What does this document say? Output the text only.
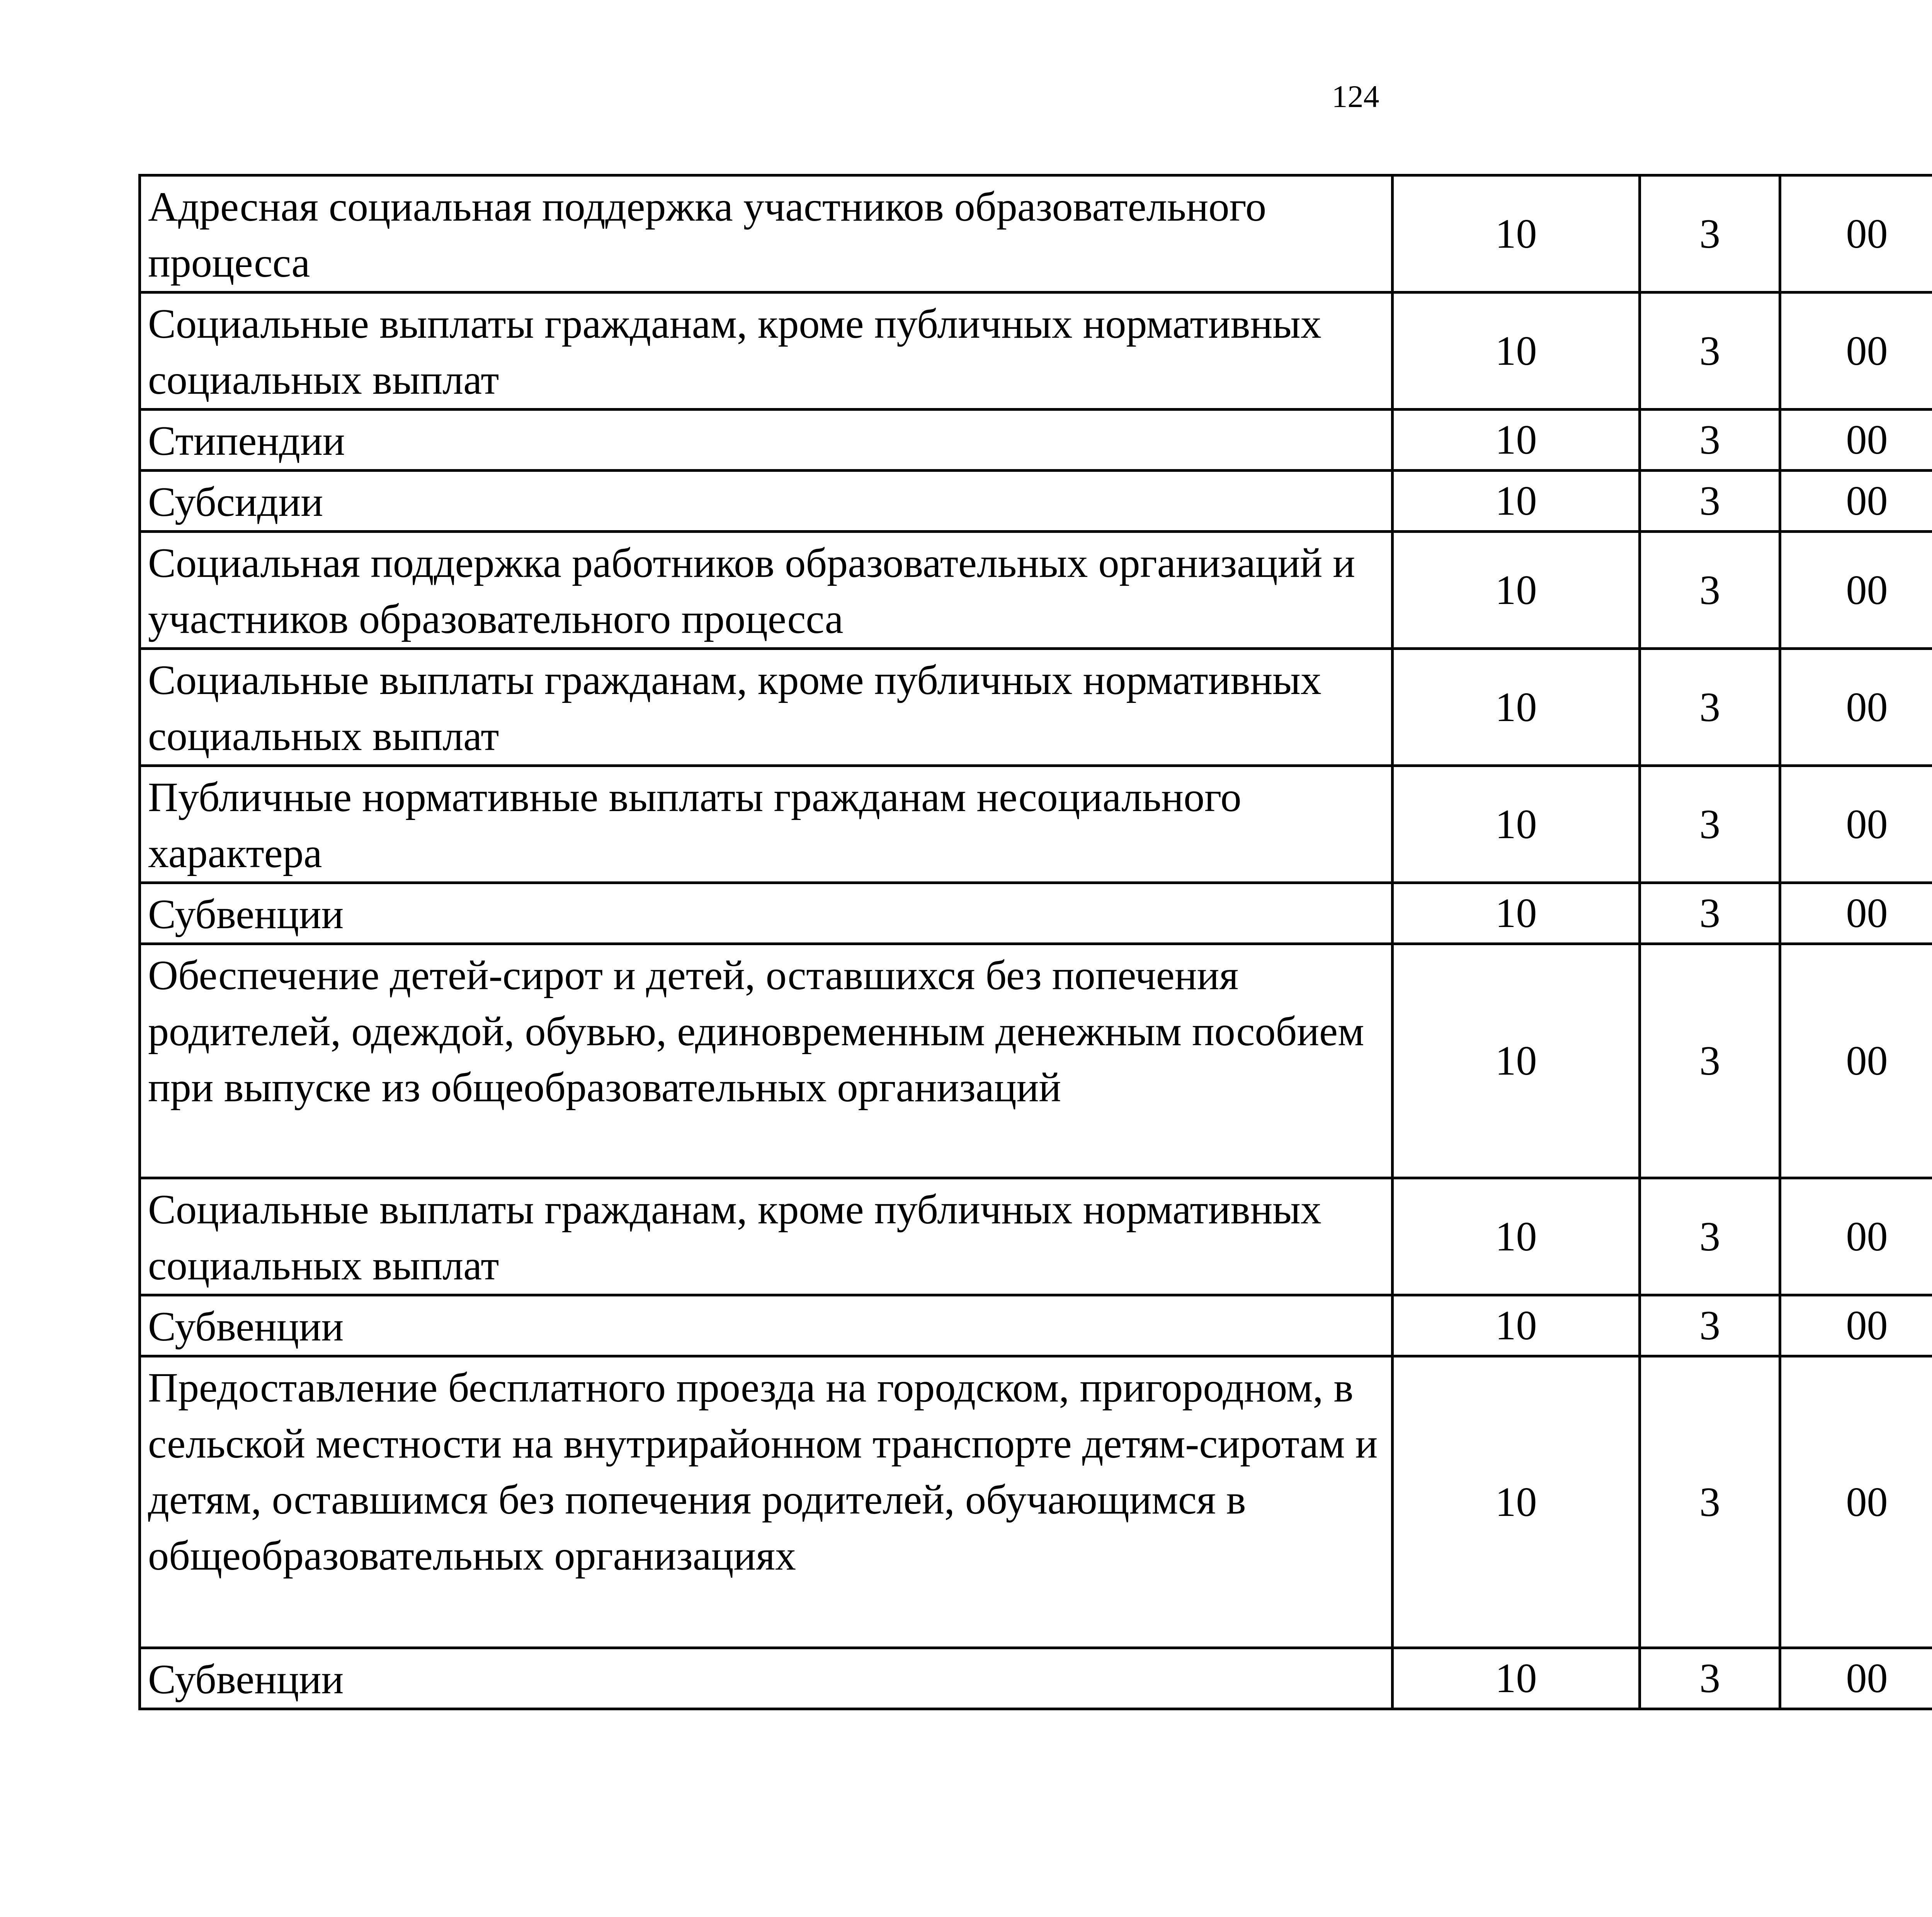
124
Адресная социальная поддержка участников образовательного процесса	10	3	00			
Социальные выплаты гражданам, кроме публичных нормативных социальных выплат	10	3	00			
Стипендии	10	3	00			
Субсидии	10	3	00			
Социальная поддержка работников образовательных организаций и участников образовательного процесса	10	3	00			
Социальные выплаты гражданам, кроме публичных нормативных социальных выплат	10	3	00			
Публичные нормативные выплаты гражданам несоциального характера	10	3	00			
Субвенции	10	3	00			
Обеспечение детей-сирот и детей, оставшихся без попечения родителей, одеждой, обувью, единовременным денежным пособием при выпуске из общеобразовательных организаций	10	3	00			
Социальные выплаты гражданам, кроме публичных нормативных социальных выплат	10	3	00			
Субвенции	10	3	00			
Предоставление бесплатного проезда на городском, пригородном, в сельской местности на внутрирайонном транспорте детям-сиротам и детям, оставшимся без попечения родителей, обучающимся в общеобразовательных организациях	10	3	00			
Субвенции	10	3	00			
